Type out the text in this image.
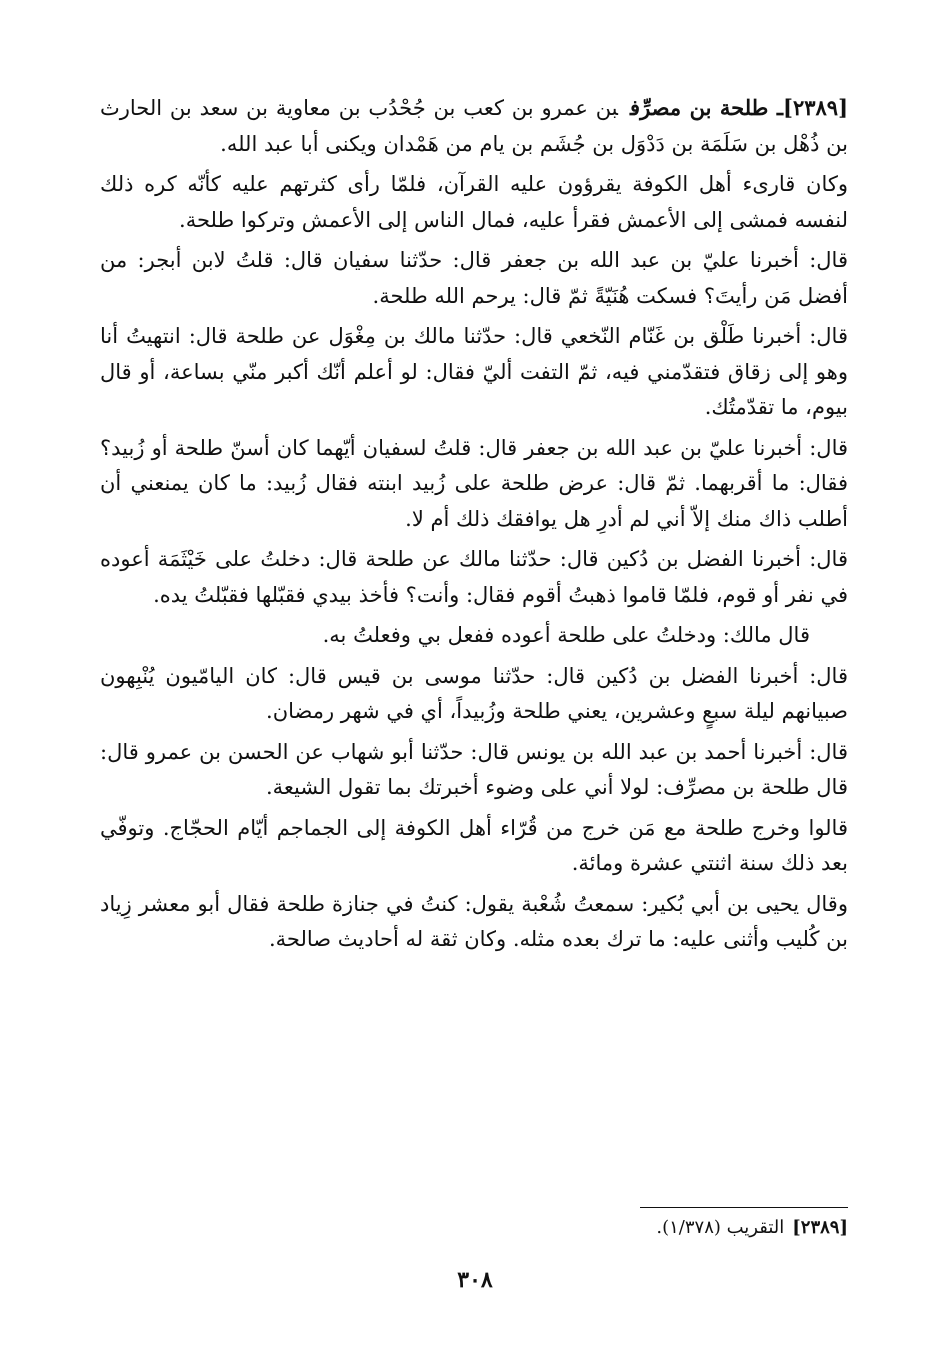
[٢٣٨٩]ـ طلحة بن مصرِّفبن عمرو بن كعب بن جُحْدُب بن معاوية بن سعد بن الحارث بن ذُهْل بن سَلَمَة بن دَدْوَل بن جُشَم بن يام من هَمْدان ويكنى أبا عبد الله.

وكان قارىء أهل الكوفة يقرؤون عليه القرآن، فلمّا رأى كثرتهم عليه كأنّه كره ذلك لنفسه فمشى إلى الأعمش فقرأ عليه، فمال الناس إلى الأعمش وتركوا طلحة.

قال: أخبرنا عليّ بن عبد الله بن جعفر قال: حدّثنا سفيان قال: قلتُ لابن أبجر: من أفضل مَن رأيتَ؟ فسكت هُنَيّةً ثمّ قال: يرحم الله طلحة.

قال: أخبرنا طَلْق بن غَنّام النّخعي قال: حدّثنا مالك بن مِغْوَل عن طلحة قال: انتهيتُ أنا وهو إلى زقاق فتقدّمني فيه، ثمّ التفت أليّ فقال: لو أعلم أنّك أكبر منّي بساعة، أو قال بيوم، ما تقدّمتُك.

قال: أخبرنا عليّ بن عبد الله بن جعفر قال: قلتُ لسفيان أيّهما كان أسنّ طلحة أو زُبيد؟ فقال: ما أقربهما. ثمّ قال: عرض طلحة على زُبيد ابنته فقال زُبيد: ما كان يمنعني أن أطلب ذاك منك إلاّ أني لم أدرِ هل يوافقك ذلك أم لا.

قال: أخبرنا الفضل بن دُكين قال: حدّثنا مالك عن طلحة قال: دخلتُ على خَيْثَمَة أعوده في نفر أو قوم، فلمّا قاموا ذهبتُ أقوم فقال: وأنت؟ فأخذ بيدي فقبّلها فقبّلتُ يده.

قال مالك: ودخلتُ على طلحة أعوده ففعل بي وفعلتُ به.

قال: أخبرنا الفضل بن دُكين قال: حدّثنا موسى بن قيس قال: كان اليامّيون يُنْبِهون صبيانهم ليلة سبعٍ وعشرين، يعني طلحة وزُبيداً، أي في شهر رمضان.

قال: أخبرنا أحمد بن عبد الله بن يونس قال: حدّثنا أبو شهاب عن الحسن بن عمرو قال: قال طلحة بن مصرِّف: لولا أني على وضوء أخبرتك بما تقول الشيعة.

قالوا وخرج طلحة مع مَن خرج من قُرّاء أهل الكوفة إلى الجماجم أيّام الحجّاج. وتوفّي بعد ذلك سنة اثنتي عشرة ومائة.

وقال يحيى بن أبي بُكير: سمعتُ شُعْبة يقول: كنتُ في جنازة طلحة فقال أبو معشر زِياد بن كُليب وأثنى عليه: ما ترك بعده مثله. وكان ثقة له أحاديث صالحة.

[٢٣٨٩]التقريب (١/٣٧٨).
٣٠٨
